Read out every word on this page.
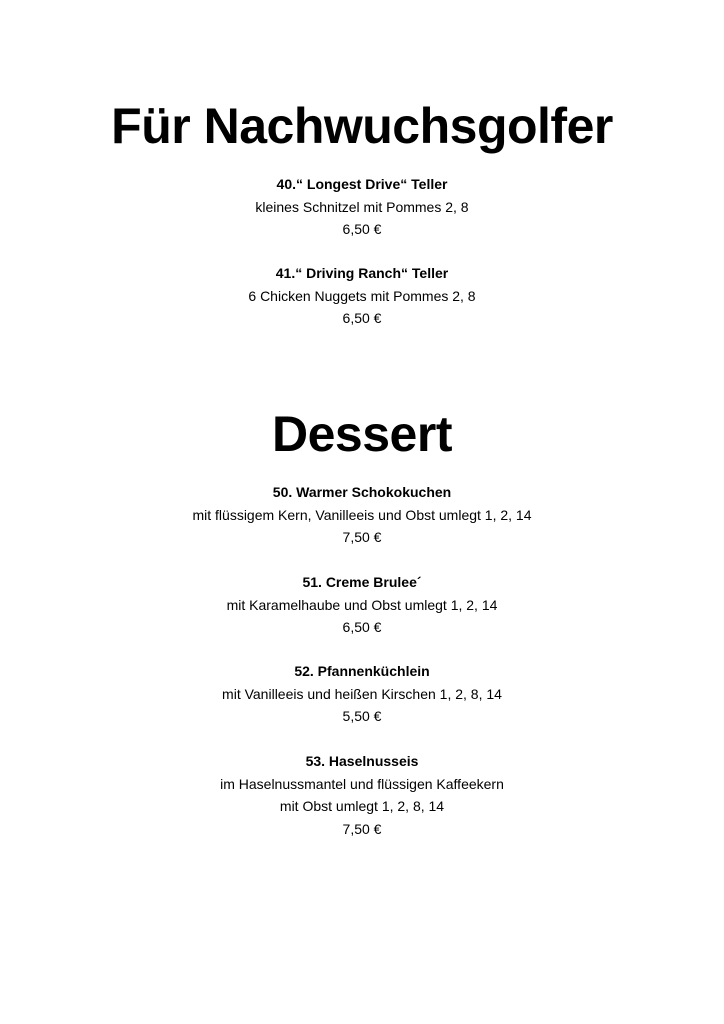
Für Nachwuchsgolfer
40.“ Longest Drive“ Teller
kleines Schnitzel mit Pommes 2, 8
6,50 €
41.“ Driving Ranch“ Teller
6 Chicken Nuggets mit Pommes 2, 8
6,50 €
Dessert
50. Warmer Schokokuchen
mit flüssigem Kern, Vanilleeis und Obst umlegt 1, 2, 14
7,50 €
51. Creme Brulee´
mit Karamelhaube und Obst umlegt 1, 2, 14
6,50 €
52. Pfannenküchlein
mit Vanilleeis und heißen Kirschen 1, 2, 8, 14
5,50 €
53. Haselnusseis
im Haselnussmantel und flüssigen Kaffeekern
mit Obst umlegt 1, 2, 8, 14
7,50 €
